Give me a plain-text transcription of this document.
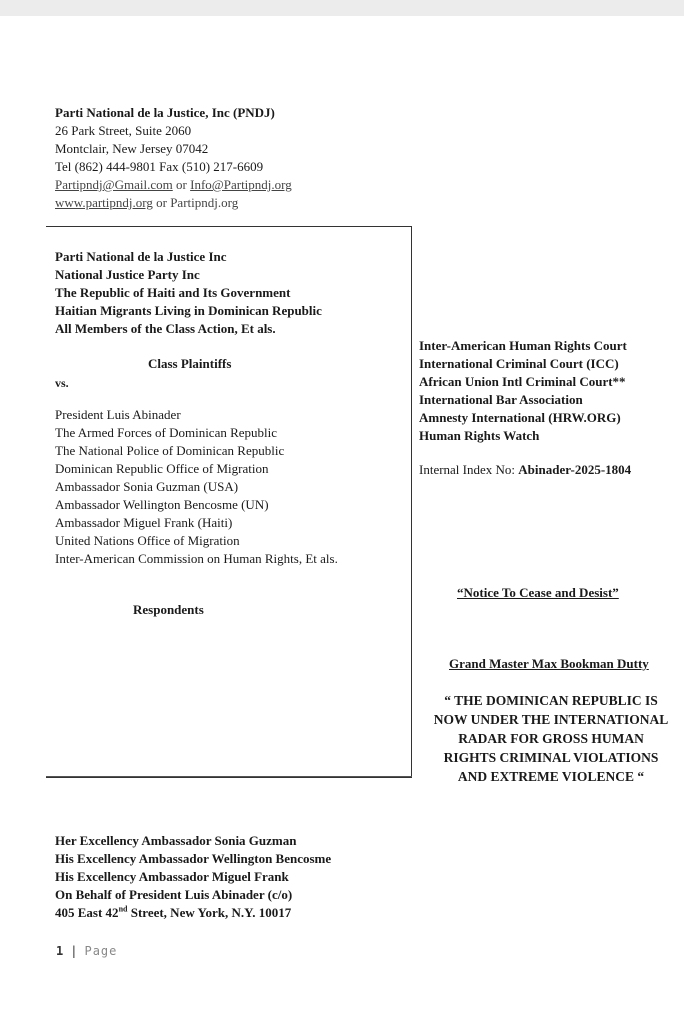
Parti National de la Justice, Inc (PNDJ)
26 Park Street, Suite 2060
Montclair, New Jersey 07042
Tel (862) 444-9801 Fax (510) 217-6609
Partipndj@Gmail.com or Info@Partipndj.org
www.partipndj.org or Partipndj.org
Parti National de la Justice Inc
National Justice Party Inc
The Republic of Haiti and Its Government
Haitian Migrants Living in Dominican Republic
All Members of the Class Action, Et als.
Class Plaintiffs
vs.
President Luis Abinader
The Armed Forces of Dominican Republic
The National Police of Dominican Republic
Dominican Republic Office of Migration
Ambassador Sonia Guzman (USA)
Ambassador Wellington Bencosme (UN)
Ambassador Miguel Frank (Haiti)
United Nations Office of Migration
Inter-American Commission on Human Rights, Et als.
Respondents
Inter-American Human Rights Court
International Criminal Court (ICC)
African Union Intl Criminal Court**
International Bar Association
Amnesty International (HRW.ORG)
Human Rights Watch
Internal Index No: Abinader-2025-1804
“Notice To Cease and Desist”
Grand Master Max Bookman Dutty
“ THE DOMINICAN REPUBLIC IS
NOW UNDER THE INTERNATIONAL
RADAR FOR GROSS HUMAN
RIGHTS CRIMINAL VIOLATIONS
AND EXTREME VIOLENCE “
Her Excellency Ambassador Sonia Guzman
His Excellency Ambassador Wellington Bencosme
His Excellency Ambassador Miguel Frank
On Behalf of President Luis Abinader (c/o)
405 East 42nd Street, New York, N.Y. 10017
1 | Page
